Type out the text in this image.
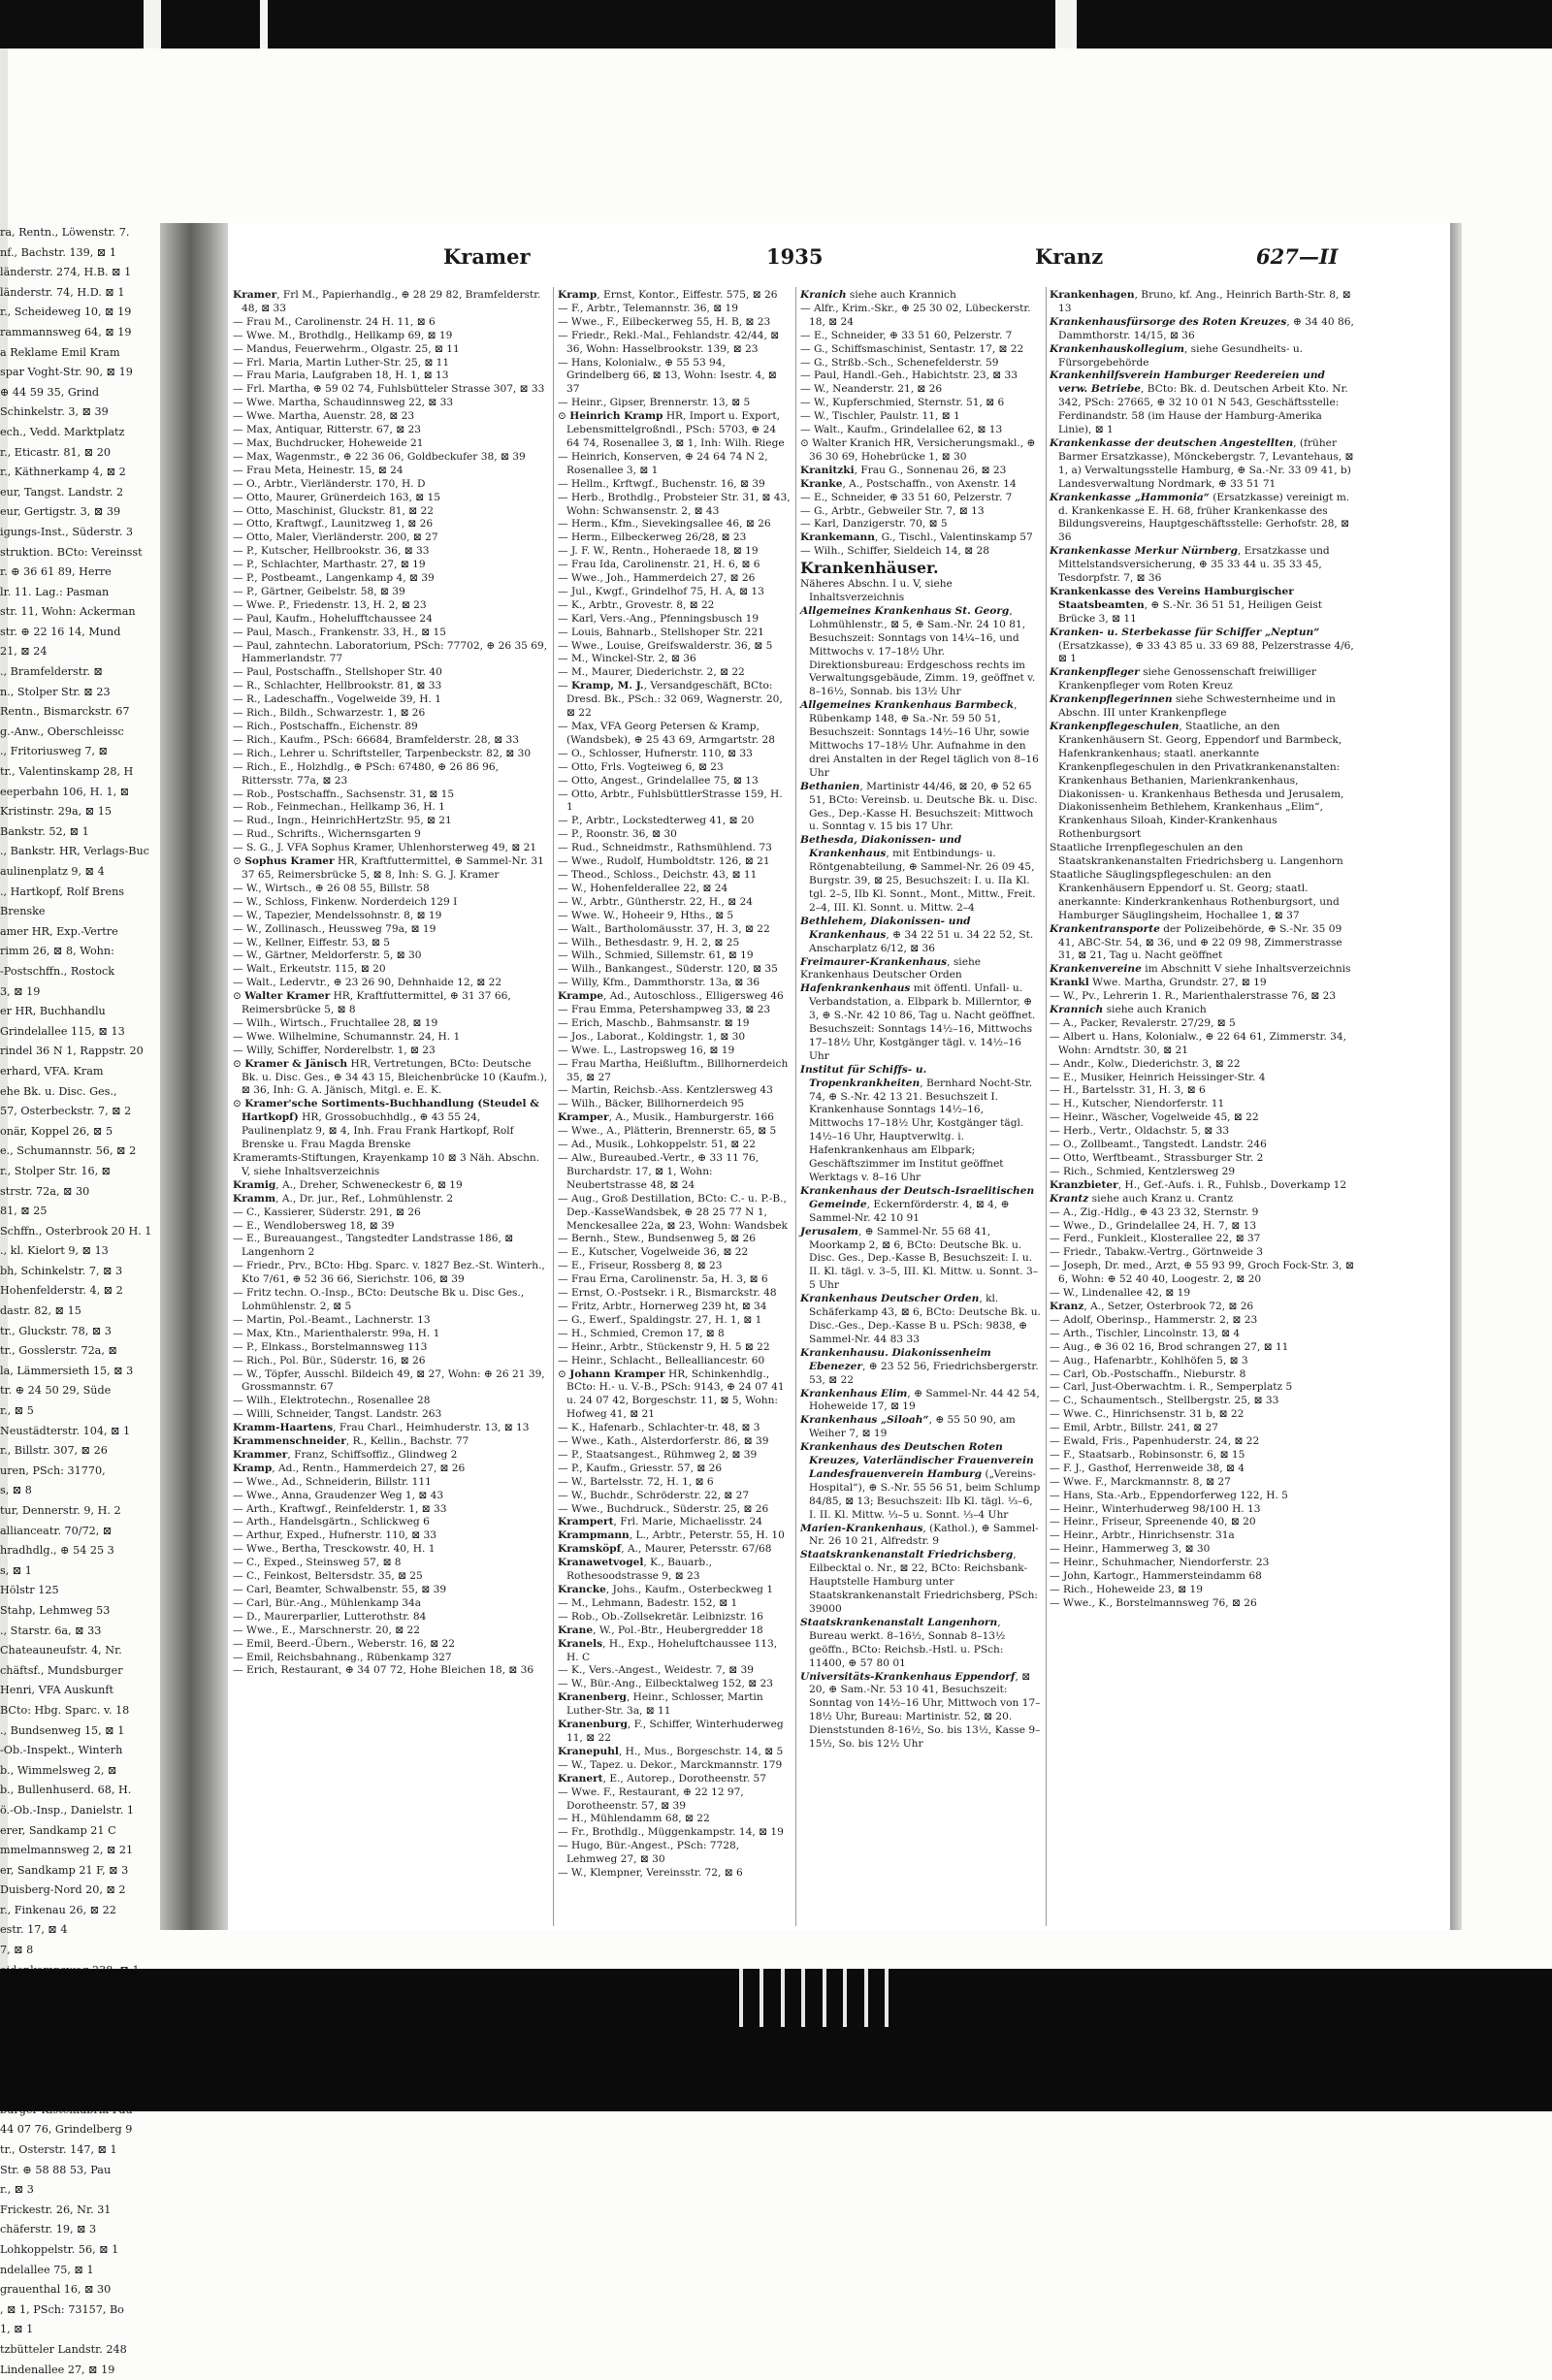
ra, Rentn., Löwenstr. 7.
nf., Bachstr. 139, ⊠ 1
länderstr. 274, H.B. ⊠ 1
länderstr. 74, H.D. ⊠ 1
r., Scheideweg 10, ⊠ 19
rammannsweg 64, ⊠ 19
a Reklame Emil Kram
spar Voght-Str. 90, ⊠ 19
⊕ 44 59 35, Grind
Schinkelstr. 3, ⊠ 39
ech., Vedd. Marktplatz
r., Eticastr. 81, ⊠ 20
r., Käthnerkamp 4, ⊠ 2
eur, Tangst. Landstr. 2
eur, Gertigstr. 3, ⊠ 39
igungs-Inst., Süderstr. 3
struktion. BCto: Vereinsst
r. ⊕ 36 61 89, Herre
lr. 11. Lag.: Pasman
str. 11, Wohn: Ackerman
str. ⊕ 22 16 14, Mund
21, ⊠ 24
., Bramfelderstr. ⊠
n., Stolper Str. ⊠ 23
Rentn., Bismarckstr. 67
g.-Anw., Oberschleissc
., Fritoriusweg 7, ⊠
tr., Valentinskamp 28, H
eeperbahn 106, H. 1, ⊠
Kristinstr. 29a, ⊠ 15
Bankstr. 52, ⊠ 1
., Bankstr. HR, Verlags-Buc
aulinenplatz 9, ⊠ 4
., Hartkopf, Rolf Brens
Brenske
amer HR, Exp.-Vertre
rimm 26, ⊠ 8, Wohn:
-Postschffn., Rostock
3, ⊠ 19
er HR, Buchhandlu
Grindelallee 115, ⊠ 13
rindel 36 N 1, Rappstr. 20
erhard, VFA. Kram
ehe Bk. u. Disc. Ges.,
57, Osterbeckstr. 7, ⊠ 2
onär, Koppel 26, ⊠ 5
e., Schumannstr. 56, ⊠ 2
r., Stolper Str. 16, ⊠
strstr. 72a, ⊠ 30
81, ⊠ 25
Schffn., Osterbrook 20 H. 1
., kl. Kielort 9, ⊠ 13
bh, Schinkelstr. 7, ⊠ 3
Hohenfelderstr. 4, ⊠ 2
dastr. 82, ⊠ 15
tr., Gluckstr. 78, ⊠ 3
tr., Gosslerstr. 72a, ⊠
la, Lämmersieth 15, ⊠ 3
tr. ⊕ 24 50 29, Süde
r., ⊠ 5
Neustädterstr. 104, ⊠ 1
r., Billstr. 307, ⊠ 26
uren, PSch: 31770,
s, ⊠ 8
tur, Dennerstr. 9, H. 2
allianceatr. 70/72, ⊠
hradhdlg., ⊕ 54 25 3
s, ⊠ 1
Hölstr 125
Stahp, Lehmweg 53
., Starstr. 6a, ⊠ 33
Chateauneufstr. 4, Nr.
chäftsf., Mundsburger
Henri, VFA Auskunft
BCto: Hbg. Sparc. v. 18
., Bundsenweg 15, ⊠ 1
-Ob.-Inspekt., Winterh
b., Wimmelsweg 2, ⊠
b., Bullenhuserd. 68, H.
ö.-Ob.-Insp., Danielstr. 1
erer, Sandkamp 21 C
mmelmannsweg 2, ⊠ 21
er, Sandkamp 21 F, ⊠ 3
Duisberg-Nord 20, ⊠ 2
r., Finkenau 26, ⊠ 22
estr. 17, ⊠ 4
7, ⊠ 8
44 07 76, Grindelberg 9
tr., Osterstr. 147, ⊠ 1
Str. ⊕ 58 88 53, Pau
r., ⊠ 3
Frickestr. 26, Nr. 31
chäferstr. 19, ⊠ 3
Lohkoppelstr. 56, ⊠ 1
ndelallee 75, ⊠ 1
grauenthal 16, ⊠ 30
, ⊠ 1, PSch: 73157, Bo
1, ⊠ 1
tzbütteler Landstr. 248
Lindenallee 27, ⊠ 19
Kramer	1935	Kranz	627—II

Kramer, Frl M., Papierhandlg., ⊕ 28 29 82, Bramfelderstr. 48, ⊠ 33

— Frau M., Carolinenstr. 24 H. 11, ⊠ 6

— Wwe. M., Brothdlg., Hellkamp 69, ⊠ 19

— Mandus, Feuerwehrm., Olgastr. 25, ⊠ 11

— Frl. Maria, Martin Luther-Str. 25, ⊠ 11

— Frau Maria, Laufgraben 18, H. 1, ⊠ 13

— Frl. Martha, ⊕ 59 02 74, Fuhlsbütteler Strasse 307, ⊠ 33

— Wwe. Martha, Schaudinnsweg 22, ⊠ 33

— Wwe. Martha, Auenstr. 28, ⊠ 23

— Max, Antiquar, Ritterstr. 67, ⊠ 23

— Max, Buchdrucker, Hoheweide 21

— Max, Wagenmstr., ⊕ 22 36 06, Goldbeckufer 38, ⊠ 39

— Frau Meta, Heinestr. 15, ⊠ 24

— O., Arbtr., Vierländerstr. 170, H. D

— Otto, Maurer, Grünerdeich 163, ⊠ 15

— Otto, Maschinist, Gluckstr. 81, ⊠ 22

— Otto, Kraftwgf., Launitzweg 1, ⊠ 26

— Otto, Maler, Vierländerstr. 200, ⊠ 27

— P., Kutscher, Hellbrookstr. 36, ⊠ 33

— P., Schlachter, Marthastr. 27, ⊠ 19

— P., Postbeamt., Langenkamp 4, ⊠ 39

— P., Gärtner, Geibelstr. 58, ⊠ 39

— Wwe. P., Friedenstr. 13, H. 2, ⊠ 23

— Paul, Kaufm., Hohelufftchaussee 24

— Paul, Masch., Frankenstr. 33, H., ⊠ 15

— Paul, zahntechn. Laboratorium, PSch: 77702, ⊕ 26 35 69, Hammerlandstr. 77

— Paul, Postschaffn., Stellshoper Str. 40

— R., Schlachter, Hellbrookstr. 81, ⊠ 33

— R., Ladeschaffn., Vogelweide 39, H. 1

— Rich., Bildh., Schwarzestr. 1, ⊠ 26

— Rich., Postschaffn., Eichenstr. 89

— Rich., Kaufm., PSch: 66684, Bramfelderstr. 28, ⊠ 33

— Rich., Lehrer u. Schriftsteller, Tarpenbeckstr. 82, ⊠ 30

— Rich., E., Holzhdlg., ⊕ PSch: 67480, ⊕ 26 86 96, Rittersstr. 77a, ⊠ 23

— Rob., Postschaffn., Sachsenstr. 31, ⊠ 15

— Rob., Feinmechan., Hellkamp 36, H. 1

— Rud., Ingn., HeinrichHertzStr. 95, ⊠ 21

— Rud., Schrifts., Wichernsgarten 9

— S. G., J. VFA Sophus Kramer, Uhlenhorsterweg 49, ⊠ 21

⊙ Sophus Kramer HR, Kraftfuttermittel, ⊕ Sammel-Nr. 31 37 65, Reimersbrücke 5, ⊠ 8, Inh: S. G. J. Kramer

— W., Wirtsch., ⊕ 26 08 55, Billstr. 58

— W., Schloss, Finkenw. Norderdeich 129 I

— W., Tapezier, Mendelssohnstr. 8, ⊠ 19

— W., Zollinasch., Heussweg 79a, ⊠ 19

— W., Kellner, Eiffestr. 53, ⊠ 5

— W., Gärtner, Meldorferstr. 5, ⊠ 30

— Walt., Erkeutstr. 115, ⊠ 20

— Walt., Ledervtr., ⊕ 23 26 90, Dehnhaide 12, ⊠ 22

⊙ Walter Kramer HR, Kraftfuttermittel, ⊕ 31 37 66, Reimersbrücke 5, ⊠ 8

— Wilh., Wirtsch., Fruchtallee 28, ⊠ 19

— Wwe. Wilhelmine, Schumannstr. 24, H. 1

— Willy, Schiffer, Norderelbstr. 1, ⊠ 23

⊙ Kramer & Jänisch HR, Vertretungen, BCto: Deutsche Bk. u. Disc. Ges., ⊕ 34 43 15, Bleichenbrücke 10 (Kaufm.), ⊠ 36, Inh: G. A. Jänisch, Mitgl. e. E. K.

⊙ Kramer'sche Sortiments-Buchhandlung (Steudel & Hartkopf) HR, Grossobuchhdlg., ⊕ 43 55 24, Paulinenplatz 9, ⊠ 4, Inh. Frau Frank Hartkopf, Rolf Brenske u. Frau Magda Brenske

Krameramts-Stiftungen, Krayenkamp 10 ⊠ 3 Näh. Abschn. V, siehe Inhaltsverzeichnis

Kramig, A., Dreher, Schweneckestr 6, ⊠ 19

Kramm, A., Dr. jur., Ref., Lohmühlenstr. 2

— C., Kassierer, Süderstr. 291, ⊠ 26

— E., Wendlobersweg 18, ⊠ 39

— E., Bureauangest., Tangstedter Landstrasse 186, ⊠ Langenhorn 2

— Friedr., Prv., BCto: Hbg. Sparc. v. 1827 Bez.-St. Winterh., Kto 7/61, ⊕ 52 36 66, Sierichstr. 106, ⊠ 39

— Fritz techn. O.-Insp., BCto: Deutsche Bk u. Disc Ges., Lohmühlenstr. 2, ⊠ 5

— Martin, Pol.-Beamt., Lachnerstr. 13

— Max, Ktn., Marienthalerstr. 99a, H. 1

— P., Elnkass., Borstelmannsweg 113

— Rich., Pol. Bür., Süderstr. 16, ⊠ 26

— W., Töpfer, Ausschl. Bildeich 49, ⊠ 27, Wohn: ⊕ 26 21 39, Grossmannstr. 67

— Wilh., Elektrotechn., Rosenallee 28

— Willi, Schneider, Tangst. Landstr. 263

Kramm-Haartens, Frau Charl., Heimhuderstr. 13, ⊠ 13

Krammenschneider, R., Kellin., Bachstr. 77

Krammer, Franz, Schiffsoffiz., Glindweg 2

Kramp, Ad., Rentn., Hammerdeich 27, ⊠ 26

— Wwe., Ad., Schneiderin, Billstr. 111

— Wwe., Anna, Graudenzer Weg 1, ⊠ 43

— Arth., Kraftwgf., Reinfelderstr. 1, ⊠ 33

— Arth., Handelsgärtn., Schlickweg 6

— Arthur, Exped., Hufnerstr. 110, ⊠ 33

— Wwe., Bertha, Tresckowstr. 40, H. 1

— C., Exped., Steinsweg 57, ⊠ 8

— C., Feinkost, Beltersdstr. 35, ⊠ 25

— Carl, Beamter, Schwalbenstr. 55, ⊠ 39

— Carl, Bür.-Ang., Mühlenkamp 34a

— D., Maurerparlier, Lutterothstr. 84

— Wwe., E., Marschnerstr. 20, ⊠ 22

— Emil, Beerd.-Übern., Weberstr. 16, ⊠ 22

— Emil, Reichsbahnang., Rübenkamp 327

— Erich, Restaurant, ⊕ 34 07 72, Hohe Bleichen 18, ⊠ 36

Kramp, Ernst, Kontor., Eiffestr. 575, ⊠ 26

— F., Arbtr., Telemannstr. 36, ⊠ 19

— Wwe., F., Eilbeckerweg 55, H. B, ⊠ 23

— Friedr., Rekl.-Mal., Fehlandstr. 42/44, ⊠ 36, Wohn: Hasselbrookstr. 139, ⊠ 23

— Hans, Kolonialw., ⊕ 55 53 94, Grindelberg 66, ⊠ 13, Wohn: Isestr. 4, ⊠ 37

— Heinr., Gipser, Brennerstr. 13, ⊠ 5

⊙ Heinrich Kramp HR, Import u. Export, Lebensmittelgroßndl., PSch: 5703, ⊕ 24 64 74, Rosenallee 3, ⊠ 1, Inh: Wilh. Riege

— Heinrich, Konserven, ⊕ 24 64 74 N 2, Rosenallee 3, ⊠ 1

— Hellm., Krftwgf., Buchenstr. 16, ⊠ 39

— Herb., Brothdlg., Probsteier Str. 31, ⊠ 43, Wohn: Schwansenstr. 2, ⊠ 43

— Herm., Kfm., Sievekingsallee 46, ⊠ 26

— Herm., Eilbeckerweg 26/28, ⊠ 23

— J. F. W., Rentn., Hoheraede 18, ⊠ 19

— Frau Ida, Carolinenstr. 21, H. 6, ⊠ 6

— Wwe., Joh., Hammerdeich 27, ⊠ 26

— Jul., Kwgf., Grindelhof 75, H. A, ⊠ 13

— K., Arbtr., Grovestr. 8, ⊠ 22

— Karl, Vers.-Ang., Pfenningsbusch 19

— Louis, Bahnarb., Stellshoper Str. 221

— Wwe., Louise, Greifswalderstr. 36, ⊠ 5

— M., Winckel-Str. 2, ⊠ 36

— M., Maurer, Diederichstr. 2, ⊠ 22

— Kramp, M. J., Versandgeschäft, BCto: Dresd. Bk., PSch.: 32 069, Wagnerstr. 20, ⊠ 22

— Max, VFA Georg Petersen & Kramp, (Wandsbek), ⊕ 25 43 69, Armgartstr. 28

— O., Schlosser, Hufnerstr. 110, ⊠ 33

— Otto, Frls. Vogteiweg 6, ⊠ 23

— Otto, Angest., Grindelallee 75, ⊠ 13

— Otto, Arbtr., FuhlsbüttlerStrasse 159, H. 1

— P., Arbtr., Lockstedterweg 41, ⊠ 20

— P., Roonstr. 36, ⊠ 30

— Rud., Schneidmstr., Rathsmühlend. 73

— Wwe., Rudolf, Humboldtstr. 126, ⊠ 21

— Theod., Schloss., Deichstr. 43, ⊠ 11

— W., Hohenfelderallee 22, ⊠ 24

— W., Arbtr., Güntherstr. 22, H., ⊠ 24

— Wwe. W., Hoheeir 9, Hths., ⊠ 5

— Walt., Bartholomäusstr. 37, H. 3, ⊠ 22

— Wilh., Bethesdastr. 9, H. 2, ⊠ 25

— Wilh., Schmied, Sillemstr. 61, ⊠ 19

— Wilh., Bankangest., Süderstr. 120, ⊠ 35

— Willy, Kfm., Dammthorstr. 13a, ⊠ 36

Krampe, Ad., Autoschloss., Elligersweg 46

— Frau Emma, Petershampweg 33, ⊠ 23

— Erich, Maschb., Bahmsanstr. ⊠ 19

— Jos., Laborat., Koldingstr. 1, ⊠ 30

— Wwe. L., Lastropsweg 16, ⊠ 19

— Frau Martha, Heißluftm., Billhornerdeich 35, ⊠ 27

— Martin, Reichsb.-Ass. Kentzlersweg 43

— Wilh., Bäcker, Billhornerdeich 95

Kramper, A., Musik., Hamburgerstr. 166

— Wwe., A., Plätterin, Brennerstr. 65, ⊠ 5

— Ad., Musik., Lohkoppelstr. 51, ⊠ 22

— Alw., Bureaubed.-Vertr., ⊕ 33 11 76, Burchardstr. 17, ⊠ 1, Wohn: Neubertstrasse 48, ⊠ 24

— Aug., Groß Destillation, BCto: C.- u. P.-B., Dep.-KasseWandsbek, ⊕ 28 25 77 N 1, Menckesallee 22a, ⊠ 23, Wohn: Wandsbek

— Bernh., Stew., Bundsenweg 5, ⊠ 26

— E., Kutscher, Vogelweide 36, ⊠ 22

— E., Friseur, Rossberg 8, ⊠ 23

— Frau Erna, Carolinenstr. 5a, H. 3, ⊠ 6

— Ernst, O.-Postsekr. i R., Bismarckstr. 48

— Fritz, Arbtr., Hornerweg 239 ht, ⊠ 34

— G., Ewerf., Spaldingstr. 27, H. 1, ⊠ 1

— H., Schmied, Cremon 17, ⊠ 8

— Heinr., Arbtr., Stückenstr 9, H. 5 ⊠ 22

— Heinr., Schlacht., Bellealliancestr. 60

⊙ Johann Kramper HR, Schinkenhdlg., BCto: H.- u. V.-B., PSch: 9143, ⊕ 24 07 41 u. 24 07 42, Borgeschstr. 11, ⊠ 5, Wohn: Hofweg 41, ⊠ 21

— K., Hafenarb., Schlachter-tr. 48, ⊠ 3

— Wwe., Kath., Alsterdorferstr. 86, ⊠ 39

— P., Staatsangest., Rühmweg 2, ⊠ 39

— P., Kaufm., Griesstr. 57, ⊠ 26

— W., Bartelsstr. 72, H. 1, ⊠ 6

— W., Buchdr., Schröderstr. 22, ⊠ 27

— Wwe., Buchdruck., Süderstr. 25, ⊠ 26

Krampert, Frl. Marie, Michaelisstr. 24

Krampmann, L., Arbtr., Peterstr. 55, H. 10

Kramsköpf, A., Maurer, Petersstr. 67/68

Kranawetvogel, K., Bauarb., Rothesoodstrasse 9, ⊠ 23

Krancke, Johs., Kaufm., Osterbeckweg 1

— M., Lehmann, Badestr. 152, ⊠ 1

— Rob., Ob.-Zollsekretär. Leibnizstr. 16

Krane, W., Pol.-Btr., Heubergredder 18

Kranels, H., Exp., Hoheluftchaussee 113, H. C

— K., Vers.-Angest., Weidestr. 7, ⊠ 39

— W., Bür.-Ang., Eilbecktalweg 152, ⊠ 23

Kranenberg, Heinr., Schlosser, Martin Luther-Str. 3a, ⊠ 11

Kranenburg, F., Schiffer, Winterhuderweg 11, ⊠ 22

Kranepuhl, H., Mus., Borgeschstr. 14, ⊠ 5

— W., Tapez. u. Dekor., Marckmannstr. 179

Kranert, E., Autorep., Dorotheenstr. 57

— Wwe. F., Restaurant, ⊕ 22 12 97, Dorotheenstr. 57, ⊠ 39

— H., Mühlendamm 68, ⊠ 22

— Fr., Brothdlg., Müggenkampstr. 14, ⊠ 19

— Hugo, Bür.-Angest., PSch: 7728, Lehmweg 27, ⊠ 30

— W., Klempner, Vereinsstr. 72, ⊠ 6

Kranich siehe auch Krannich

— Alfr., Krim.-Skr., ⊕ 25 30 02, Lübeckerstr. 18, ⊠ 24

— E., Schneider, ⊕ 33 51 60, Pelzerstr. 7

— G., Schiffsmaschinist, Sentastr. 17, ⊠ 22

— G., Strßb.-Sch., Schenefelderstr. 59

— Paul, Handl.-Geh., Habichtstr. 23, ⊠ 33

— W., Neanderstr. 21, ⊠ 26

— W., Kupferschmied, Sternstr. 51, ⊠ 6

— W., Tischler, Paulstr. 11, ⊠ 1

— Walt., Kaufm., Grindelallee 62, ⊠ 13

⊙ Walter Kranich HR, Versicherungsmakl., ⊕ 36 30 69, Hohebrücke 1, ⊠ 30

Kranitzki, Frau G., Sonnenau 26, ⊠ 23

Kranke, A., Postschaffn., von Axenstr. 14

— E., Schneider, ⊕ 33 51 60, Pelzerstr. 7

— G., Arbtr., Gebweiler Str. 7, ⊠ 13

— Karl, Danzigerstr. 70, ⊠ 5

Krankemann, G., Tischl., Valentinskamp 57

— Wilh., Schiffer, Sieldeich 14, ⊠ 28

Krankenhäuser.

Näheres Abschn. I u. V, siehe Inhaltsverzeichnis

Allgemeines Krankenhaus St. Georg, Lohmühlenstr., ⊠ 5, ⊕ Sam.-Nr. 24 10 81, Besuchszeit: Sonntags von 14¼–16, und Mittwochs v. 17–18½ Uhr. Direktionsbureau: Erdgeschoss rechts im Verwaltungsgebäude, Zimm. 19, geöffnet v. 8–16½, Sonnab. bis 13½ Uhr

Allgemeines Krankenhaus Barmbeck, Rübenkamp 148, ⊕ Sa.-Nr. 59 50 51, Besuchszeit: Sonntags 14½–16 Uhr, sowie Mittwochs 17–18½ Uhr. Aufnahme in den drei Anstalten in der Regel täglich von 8–16 Uhr

Bethanien, Martinistr 44/46, ⊠ 20, ⊕ 52 65 51, BCto: Vereinsb. u. Deutsche Bk. u. Disc. Ges., Dep.-Kasse H. Besuchszeit: Mittwoch u. Sonntag v. 15 bis 17 Uhr.

Bethesda, Diakonissen- und Krankenhaus, mit Entbindungs- u. Röntgenabteilung, ⊕ Sammel-Nr. 26 09 45, Burgstr. 39, ⊠ 25, Besuchszeit: I. u. IIa Kl. tgl. 2–5, IIb Kl. Sonnt., Mont., Mittw., Freit. 2–4, III. Kl. Sonnt. u. Mittw. 2–4

Bethlehem, Diakonissen- und Krankenhaus, ⊕ 34 22 51 u. 34 22 52, St. Anscharplatz 6/12, ⊠ 36

Freimaurer-Krankenhaus, siehe

Krankenhaus Deutscher Orden

Hafenkrankenhaus mit öffentl. Unfall- u. Verbandstation, a. Elbpark b. Millerntor, ⊕ 3, ⊕ S.-Nr. 42 10 86, Tag u. Nacht geöffnet. Besuchszeit: Sonntags 14½–16, Mittwochs 17–18½ Uhr, Kostgänger tägl. v. 14½–16 Uhr

Institut für Schiffs- u. Tropenkrankheiten, Bernhard Nocht-Str. 74, ⊕ S.-Nr. 42 13 21. Besuchszeit I. Krankenhause Sonntags 14½–16, Mittwochs 17–18½ Uhr, Kostgänger tägl. 14½–16 Uhr, Hauptverwltg. i. Hafenkrankenhaus am Elbpark; Geschäftszimmer im Institut geöffnet Werktags v. 8–16 Uhr

Krankenhaus der Deutsch-Israelitischen Gemeinde, Eckernförderstr. 4, ⊠ 4, ⊕ Sammel-Nr. 42 10 91

Jerusalem, ⊕ Sammel-Nr. 55 68 41, Moorkamp 2, ⊠ 6, BCto: Deutsche Bk. u. Disc. Ges., Dep.-Kasse B, Besuchszeit: I. u. II. Kl. tägl. v. 3–5, III. Kl. Mittw. u. Sonnt. 3–5 Uhr

Krankenhaus Deutscher Orden, kl. Schäferkamp 43, ⊠ 6, BCto: Deutsche Bk. u. Disc.-Ges., Dep.-Kasse B u. PSch: 9838, ⊕ Sammel-Nr. 44 83 33

Krankenhausu. Diakonissenheim Ebenezer, ⊕ 23 52 56, Friedrichsbergerstr. 53, ⊠ 22

Krankenhaus Elim, ⊕ Sammel-Nr. 44 42 54, Hoheweide 17, ⊠ 19

Krankenhaus „Siloah“, ⊕ 55 50 90, am Weiher 7, ⊠ 19

Krankenhaus des Deutschen Roten Kreuzes, Vaterländischer Frauenverein Landesfrauenverein Hamburg („Vereins-Hospital“), ⊕ S.-Nr. 55 56 51, beim Schlump 84/85, ⊠ 13; Besuchszeit: IIb Kl. tägl. ⅓–6, I. II. Kl. Mittw. ⅓–5 u. Sonnt. ⅓–4 Uhr

Marien-Krankenhaus, (Kathol.), ⊕ Sammel-Nr. 26 10 21, Alfredstr. 9

Staatskrankenanstalt Friedrichsberg, Eilbecktal o. Nr., ⊠ 22, BCto: Reichsbank-Hauptstelle Hamburg unter Staatskrankenanstalt Friedrichsberg, PSch: 39000

Staatskrankenanstalt Langenhorn, Bureau werkt. 8–16½, Sonnab 8–13½ geöffn., BCto: Reichsb.-Hstl. u. PSch: 11400, ⊕ 57 80 01

Universitäts-Krankenhaus Eppendorf, ⊠ 20, ⊕ Sam.-Nr. 53 10 41, Besuchszeit: Sonntag von 14½–16 Uhr, Mittwoch von 17–18½ Uhr, Bureau: Martinistr. 52, ⊠ 20. Dienststunden 8-16½, So. bis 13½, Kasse 9–15½, So. bis 12½ Uhr

Krankenhagen, Bruno, kf. Ang., Heinrich Barth-Str. 8, ⊠ 13

Krankenhausfürsorge des Roten Kreuzes, ⊕ 34 40 86, Dammthorstr. 14/15, ⊠ 36

Krankenhauskollegium, siehe Gesundheits- u. Fürsorgebehörde

Krankenhilfsverein Hamburger Reedereien und verw. Betriebe, BCto: Bk. d. Deutschen Arbeit Kto. Nr. 342, PSch: 27665, ⊕ 32 10 01 N 543, Geschäftsstelle: Ferdinandstr. 58 (im Hause der Hamburg-Amerika Linie), ⊠ 1

Krankenkasse der deutschen Angestellten, (früher Barmer Ersatzkasse), Mönckebergstr. 7, Levantehaus, ⊠ 1, a) Verwaltungsstelle Hamburg, ⊕ Sa.-Nr. 33 09 41, b) Landesverwaltung Nordmark, ⊕ 33 51 71

Krankenkasse „Hammonia“ (Ersatzkasse) vereinigt m. d. Krankenkasse E. H. 68, früher Krankenkasse des Bildungsvereins, Hauptgeschäftsstelle: Gerhofstr. 28, ⊠ 36

Krankenkasse Merkur Nürnberg, Ersatzkasse und Mittelstandsversicherung, ⊕ 35 33 44 u. 35 33 45, Tesdorpfstr. 7, ⊠ 36

Krankenkasse des Vereins Hamburgischer Staatsbeamten, ⊕ S.-Nr. 36 51 51, Heiligen Geist Brücke 3, ⊠ 11

Kranken- u. Sterbekasse für Schiffer „Neptun“ (Ersatzkasse), ⊕ 33 43 85 u. 33 69 88, Pelzerstrasse 4/6, ⊠ 1

Krankenpfleger siehe Genossenschaft freiwilliger Krankenpfleger vom Roten Kreuz

Krankenpflegerinnen siehe Schwesternheime und in Abschn. III unter Krankenpflege

Krankenpflegeschulen, Staatliche, an den Krankenhäusern St. Georg, Eppendorf und Barmbeck, Hafenkrankenhaus; staatl. anerkannte Krankenpflegeschulen in den Privatkrankenanstalten: Krankenhaus Bethanien, Marienkrankenhaus, Diakonissen- u. Krankenhaus Bethesda und Jerusalem, Diakonissenheim Bethlehem, Krankenhaus „Elim“, Krankenhaus Siloah, Kinder-Krankenhaus Rothenburgsort

Staatliche Irrenpflegeschulen an den Staatskrankenanstalten Friedrichsberg u. Langenhorn

Staatliche Säuglingspflegeschulen: an den Krankenhäusern Eppendorf u. St. Georg; staatl. anerkannte: Kinderkrankenhaus Rothenburgsort, und Hamburger Säuglingsheim, Hochallee 1, ⊠ 37

Krankentransporte der Polizeibehörde, ⊕ S.-Nr. 35 09 41, ABC-Str. 54, ⊠ 36, und ⊕ 22 09 98, Zimmerstrasse 31, ⊠ 21, Tag u. Nacht geöffnet

Krankenvereine im Abschnitt V siehe Inhaltsverzeichnis

Krankl Wwe. Martha, Grundstr. 27, ⊠ 19

— W., Pv., Lehrerin 1. R., Marienthalerstrasse 76, ⊠ 23

Krannich siehe auch Kranich

— A., Packer, Revalerstr. 27/29, ⊠ 5

— Albert u. Hans, Kolonialw., ⊕ 22 64 61, Zimmerstr. 34, Wohn: Arndtstr. 30, ⊠ 21

— Andr., Kolw., Diederichstr. 3, ⊠ 22

— E., Musiker, Heinrich Heissinger-Str. 4

— H., Bartelsstr. 31, H. 3, ⊠ 6

— H., Kutscher, Niendorferstr. 11

— Heinr., Wäscher, Vogelweide 45, ⊠ 22

— Herb., Vertr., Oldachstr. 5, ⊠ 33

— O., Zollbeamt., Tangstedt. Landstr. 246

— Otto, Werftbeamt., Strassburger Str. 2

— Rich., Schmied, Kentzlersweg 29

Kranzbieter, H., Gef.-Aufs. i. R., Fuhlsb., Doverkamp 12

Krantz siehe auch Kranz u. Crantz

— A., Zig.-Hdlg., ⊕ 43 23 32, Sternstr. 9

— Wwe., D., Grindelallee 24, H. 7, ⊠ 13

— Ferd., Funkleit., Klosterallee 22, ⊠ 37

— Friedr., Tabakw.-Vertrg., Görtnweide 3

— Joseph, Dr. med., Arzt, ⊕ 55 93 99, Groch Fock-Str. 3, ⊠ 6, Wohn: ⊕ 52 40 40, Loogestr. 2, ⊠ 20

— W., Lindenallee 42, ⊠ 19

Kranz, A., Setzer, Osterbrook 72, ⊠ 26

— Adolf, Oberinsp., Hammerstr. 2, ⊠ 23

— Arth., Tischler, Lincolnstr. 13, ⊠ 4

— Aug., ⊕ 36 02 16, Brod schrangen 27, ⊠ 11

— Aug., Hafenarbtr., Kohlhöfen 5, ⊠ 3

— Carl, Ob.-Postschaffn., Nieburstr. 8

— Carl, Just-Oberwachtm. i. R., Semperplatz 5

— C., Schaumentsch., Stellbergstr. 25, ⊠ 33

— Wwe. C., Hinrichsenstr. 31 b, ⊠ 22

— Emil, Arbtr., Billstr. 241, ⊠ 27

— Ewald, Fris., Papenhuderstr. 24, ⊠ 22

— F., Staatsarb., Robinsonstr. 6, ⊠ 15

— F. J., Gasthof, Herrenweide 38, ⊠ 4

— Wwe. F., Marckmannstr. 8, ⊠ 27

— Hans, Sta.-Arb., Eppendorferweg 122, H. 5

— Heinr., Winterhuderweg 98/100 H. 13

— Heinr., Friseur, Spreenende 40, ⊠ 20

— Heinr., Arbtr., Hinrichsenstr. 31a

— Heinr., Hammerweg 3, ⊠ 30

— Heinr., Schuhmacher, Niendorferstr. 23

— John, Kartogr., Hammersteindamm 68

— Rich., Hoheweide 23, ⊠ 19

— Wwe., K., Borstelmannsweg 76, ⊠ 26
